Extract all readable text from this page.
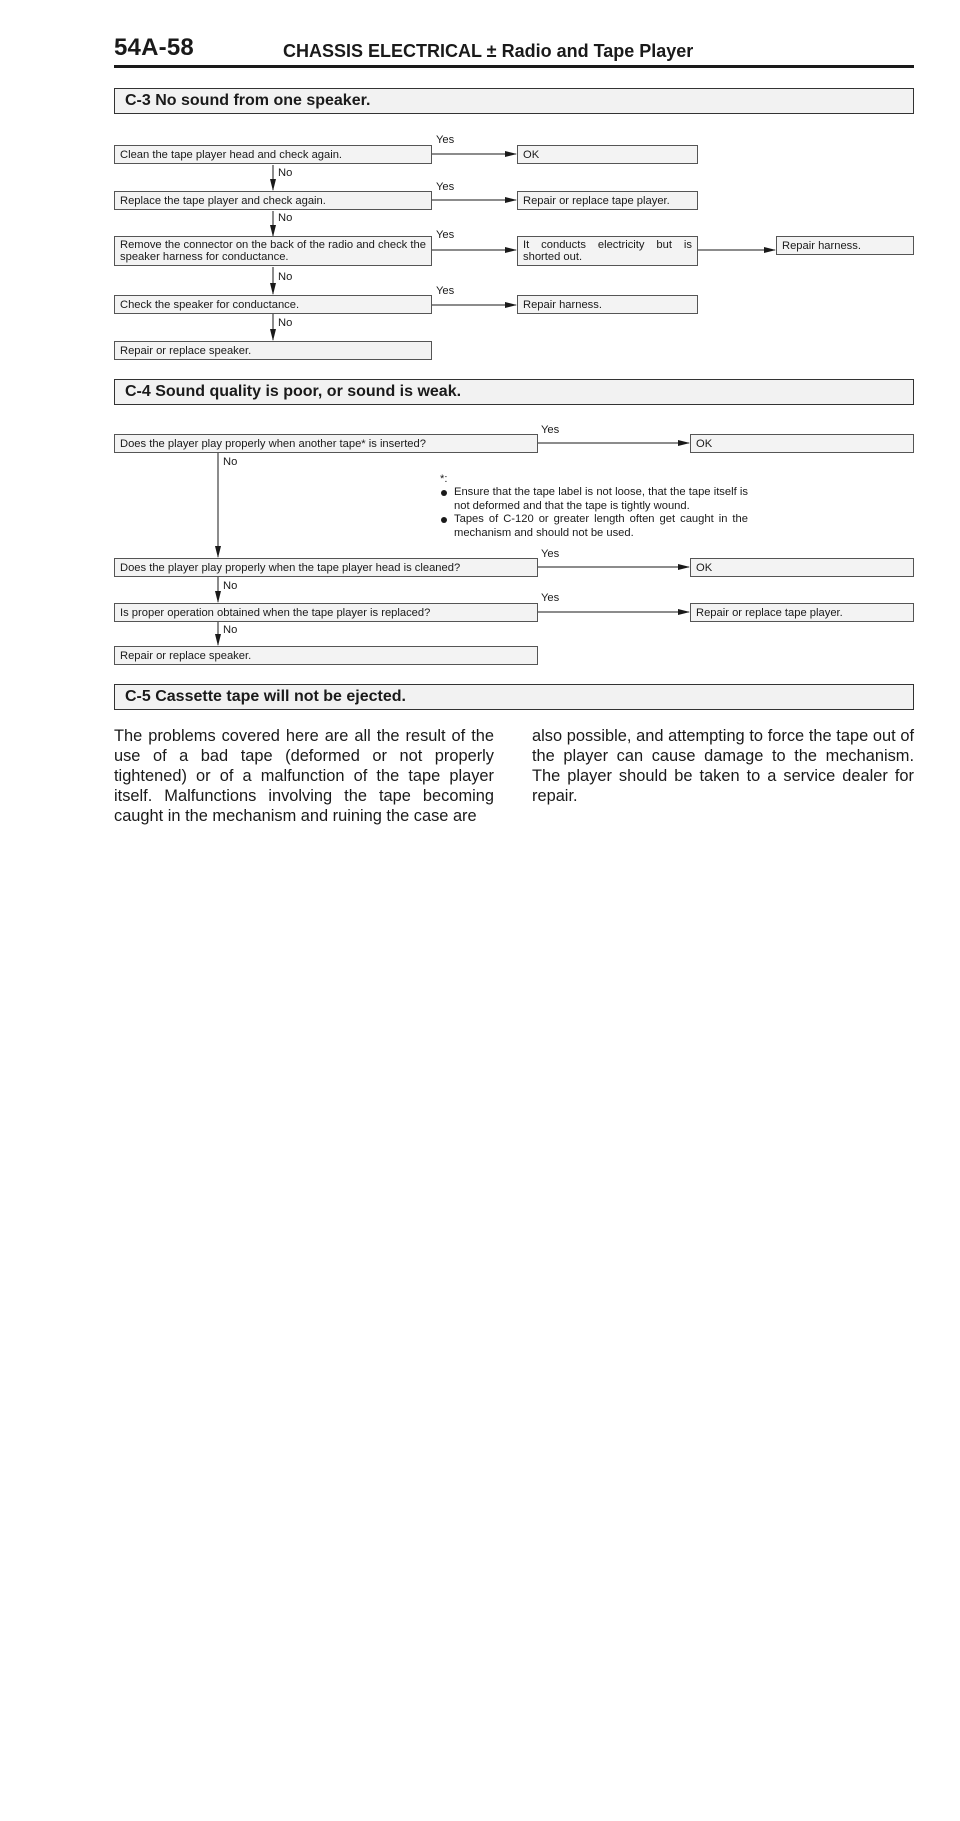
54A-58	CHASSIS ELECTRICAL ± Radio and Tape Player
C-3 No sound from one speaker.
Clean the tape player head and check again.
Replace the tape player and check again.
Remove the connector on the back of the radio and check the speaker harness for conductance.
Check the speaker for conductance.
Repair or replace speaker.
OK
Repair or replace tape player.
It conducts electricity but is shorted out.
Repair harness.
Repair harness.
Yes
Yes
Yes
Yes
No
No
No
No
C-4 Sound quality is poor, or sound is weak.
Does the player play properly when another tape* is inserted?
Does the player play properly when the tape player head is cleaned?
Is proper operation obtained when the tape player is replaced?
Repair or replace speaker.
OK
OK
Repair or replace tape player.
Yes
Yes
Yes
No
No
No
*:
Ensure that the tape label is not loose, that the tape itself is not deformed and that the tape is tightly wound.
Tapes of C-120 or greater length often get caught in the mechanism and should not be used.
C-5 Cassette tape will not be ejected.
The problems covered here are all the result of the use of a bad tape (deformed or not properly tightened) or of a malfunction of the tape player itself. Malfunctions involving the tape becoming caught in the mechanism and ruining the case are
also possible, and attempting to force the tape out of the player can cause damage to the mechanism. The player should be taken to a service dealer for repair.
